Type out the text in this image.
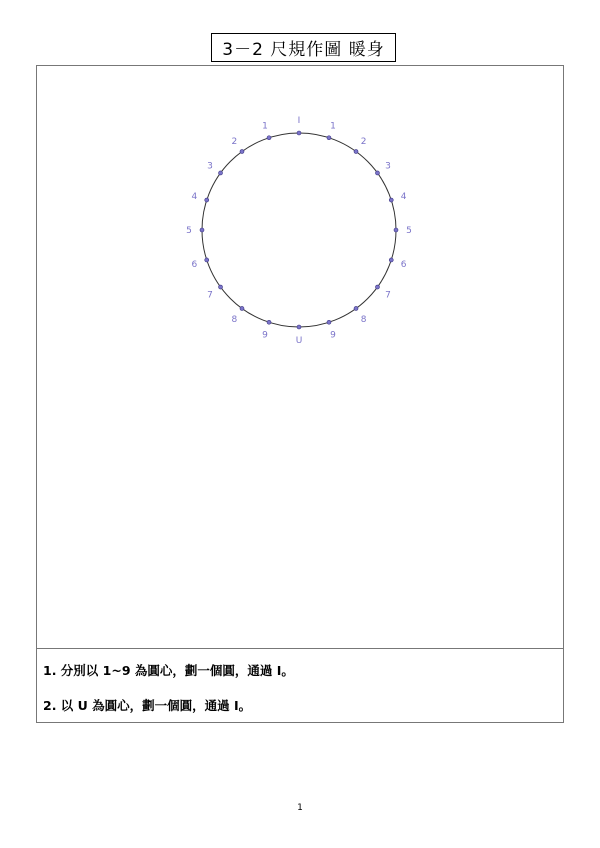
3－2 尺規作圖 暖身
I
1
2
3
4
5
6
7
8
9
U
1
2
3
4
5
6
7
8
9
1. 分別以 1~9 為圓心，劃一個圓，通過 I。
2. 以 U 為圓心，劃一個圓，通過 I。
1
